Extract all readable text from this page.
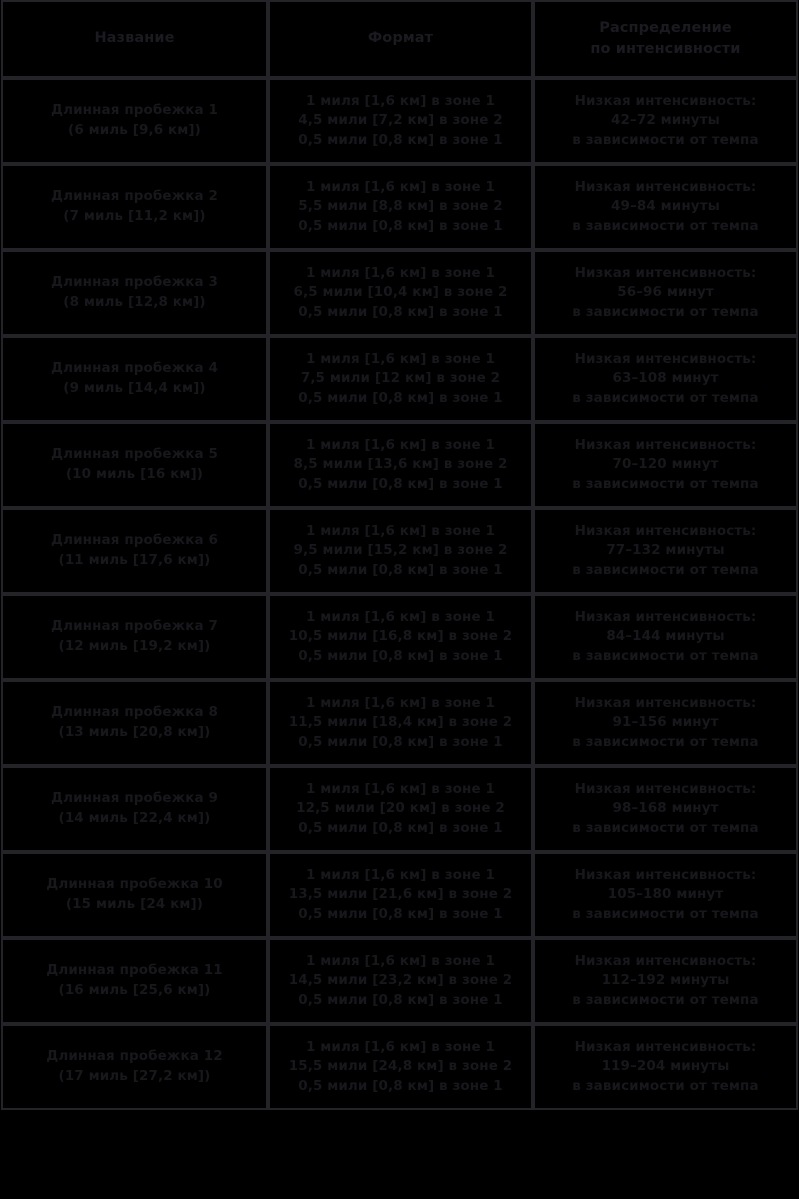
Название	Формат	Распределение
по интенсивности

Длинная пробежка 1
(6 миль [9,6 км])	1 миля [1,6 км] в зоне 1
4,5 мили [7,2 км] в зоне 2
0,5 мили [0,8 км] в зоне 1	Низкая интенсивность:
42–72 минуты
в зависимости от темпа

Длинная пробежка 2
(7 миль [11,2 км])	1 миля [1,6 км] в зоне 1
5,5 мили [8,8 км] в зоне 2
0,5 мили [0,8 км] в зоне 1	Низкая интенсивность:
49–84 минуты
в зависимости от темпа

Длинная пробежка 3
(8 миль [12,8 км])	1 миля [1,6 км] в зоне 1
6,5 мили [10,4 км] в зоне 2
0,5 мили [0,8 км] в зоне 1	Низкая интенсивность:
56–96 минут
в зависимости от темпа

Длинная пробежка 4
(9 миль [14,4 км])	1 миля [1,6 км] в зоне 1
7,5 мили [12 км] в зоне 2
0,5 мили [0,8 км] в зоне 1	Низкая интенсивность:
63–108 минут
в зависимости от темпа

Длинная пробежка 5
(10 миль [16 км])	1 миля [1,6 км] в зоне 1
8,5 мили [13,6 км] в зоне 2
0,5 мили [0,8 км] в зоне 1	Низкая интенсивность:
70–120 минут
в зависимости от темпа

Длинная пробежка 6
(11 миль [17,6 км])	1 миля [1,6 км] в зоне 1
9,5 мили [15,2 км] в зоне 2
0,5 мили [0,8 км] в зоне 1	Низкая интенсивность:
77–132 минуты
в зависимости от темпа

Длинная пробежка 7
(12 миль [19,2 км])	1 миля [1,6 км] в зоне 1
10,5 мили [16,8 км] в зоне 2
0,5 мили [0,8 км] в зоне 1	Низкая интенсивность:
84–144 минуты
в зависимости от темпа

Длинная пробежка 8
(13 миль [20,8 км])	1 миля [1,6 км] в зоне 1
11,5 мили [18,4 км] в зоне 2
0,5 мили [0,8 км] в зоне 1	Низкая интенсивность:
91–156 минут
в зависимости от темпа

Длинная пробежка 9
(14 миль [22,4 км])	1 миля [1,6 км] в зоне 1
12,5 мили [20 км] в зоне 2
0,5 мили [0,8 км] в зоне 1	Низкая интенсивность:
98–168 минут
в зависимости от темпа

Длинная пробежка 10
(15 миль [24 км])	1 миля [1,6 км] в зоне 1
13,5 мили [21,6 км] в зоне 2
0,5 мили [0,8 км] в зоне 1	Низкая интенсивность:
105–180 минут
в зависимости от темпа

Длинная пробежка 11
(16 миль [25,6 км])	1 миля [1,6 км] в зоне 1
14,5 мили [23,2 км] в зоне 2
0,5 мили [0,8 км] в зоне 1	Низкая интенсивность:
112–192 минуты
в зависимости от темпа

Длинная пробежка 12
(17 миль [27,2 км])	1 миля [1,6 км] в зоне 1
15,5 мили [24,8 км] в зоне 2
0,5 мили [0,8 км] в зоне 1	Низкая интенсивность:
119–204 минуты
в зависимости от темпа
